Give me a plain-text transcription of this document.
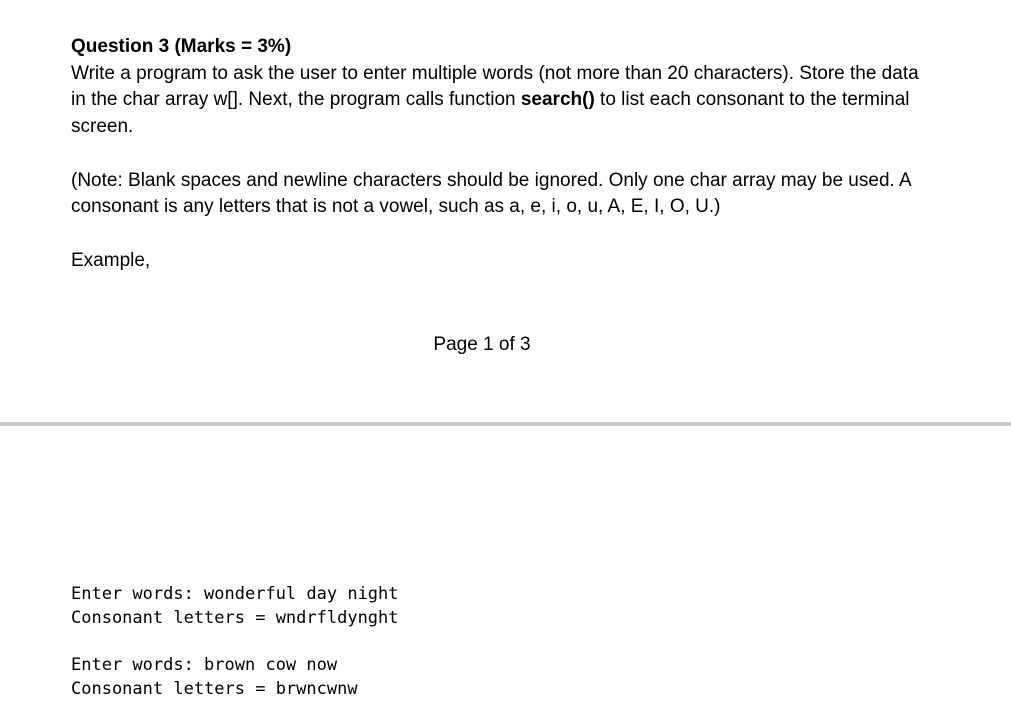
Question 3 (Marks = 3%)

Write a program to ask the user to enter multiple words (not more than 20 characters). Store the data in the char array w[]. Next, the program calls function search() to list each consonant to the terminal screen.

(Note: Blank spaces and newline characters should be ignored. Only one char array may be used. A consonant is any letters that is not a vowel, such as a, e, i, o, u, A, E, I, O, U.)

Example,

Page 1 of 3
Enter words: wonderful day night
Consonant letters = wndrfldynght
Enter words: brown cow now
Consonant letters = brwncwnw
